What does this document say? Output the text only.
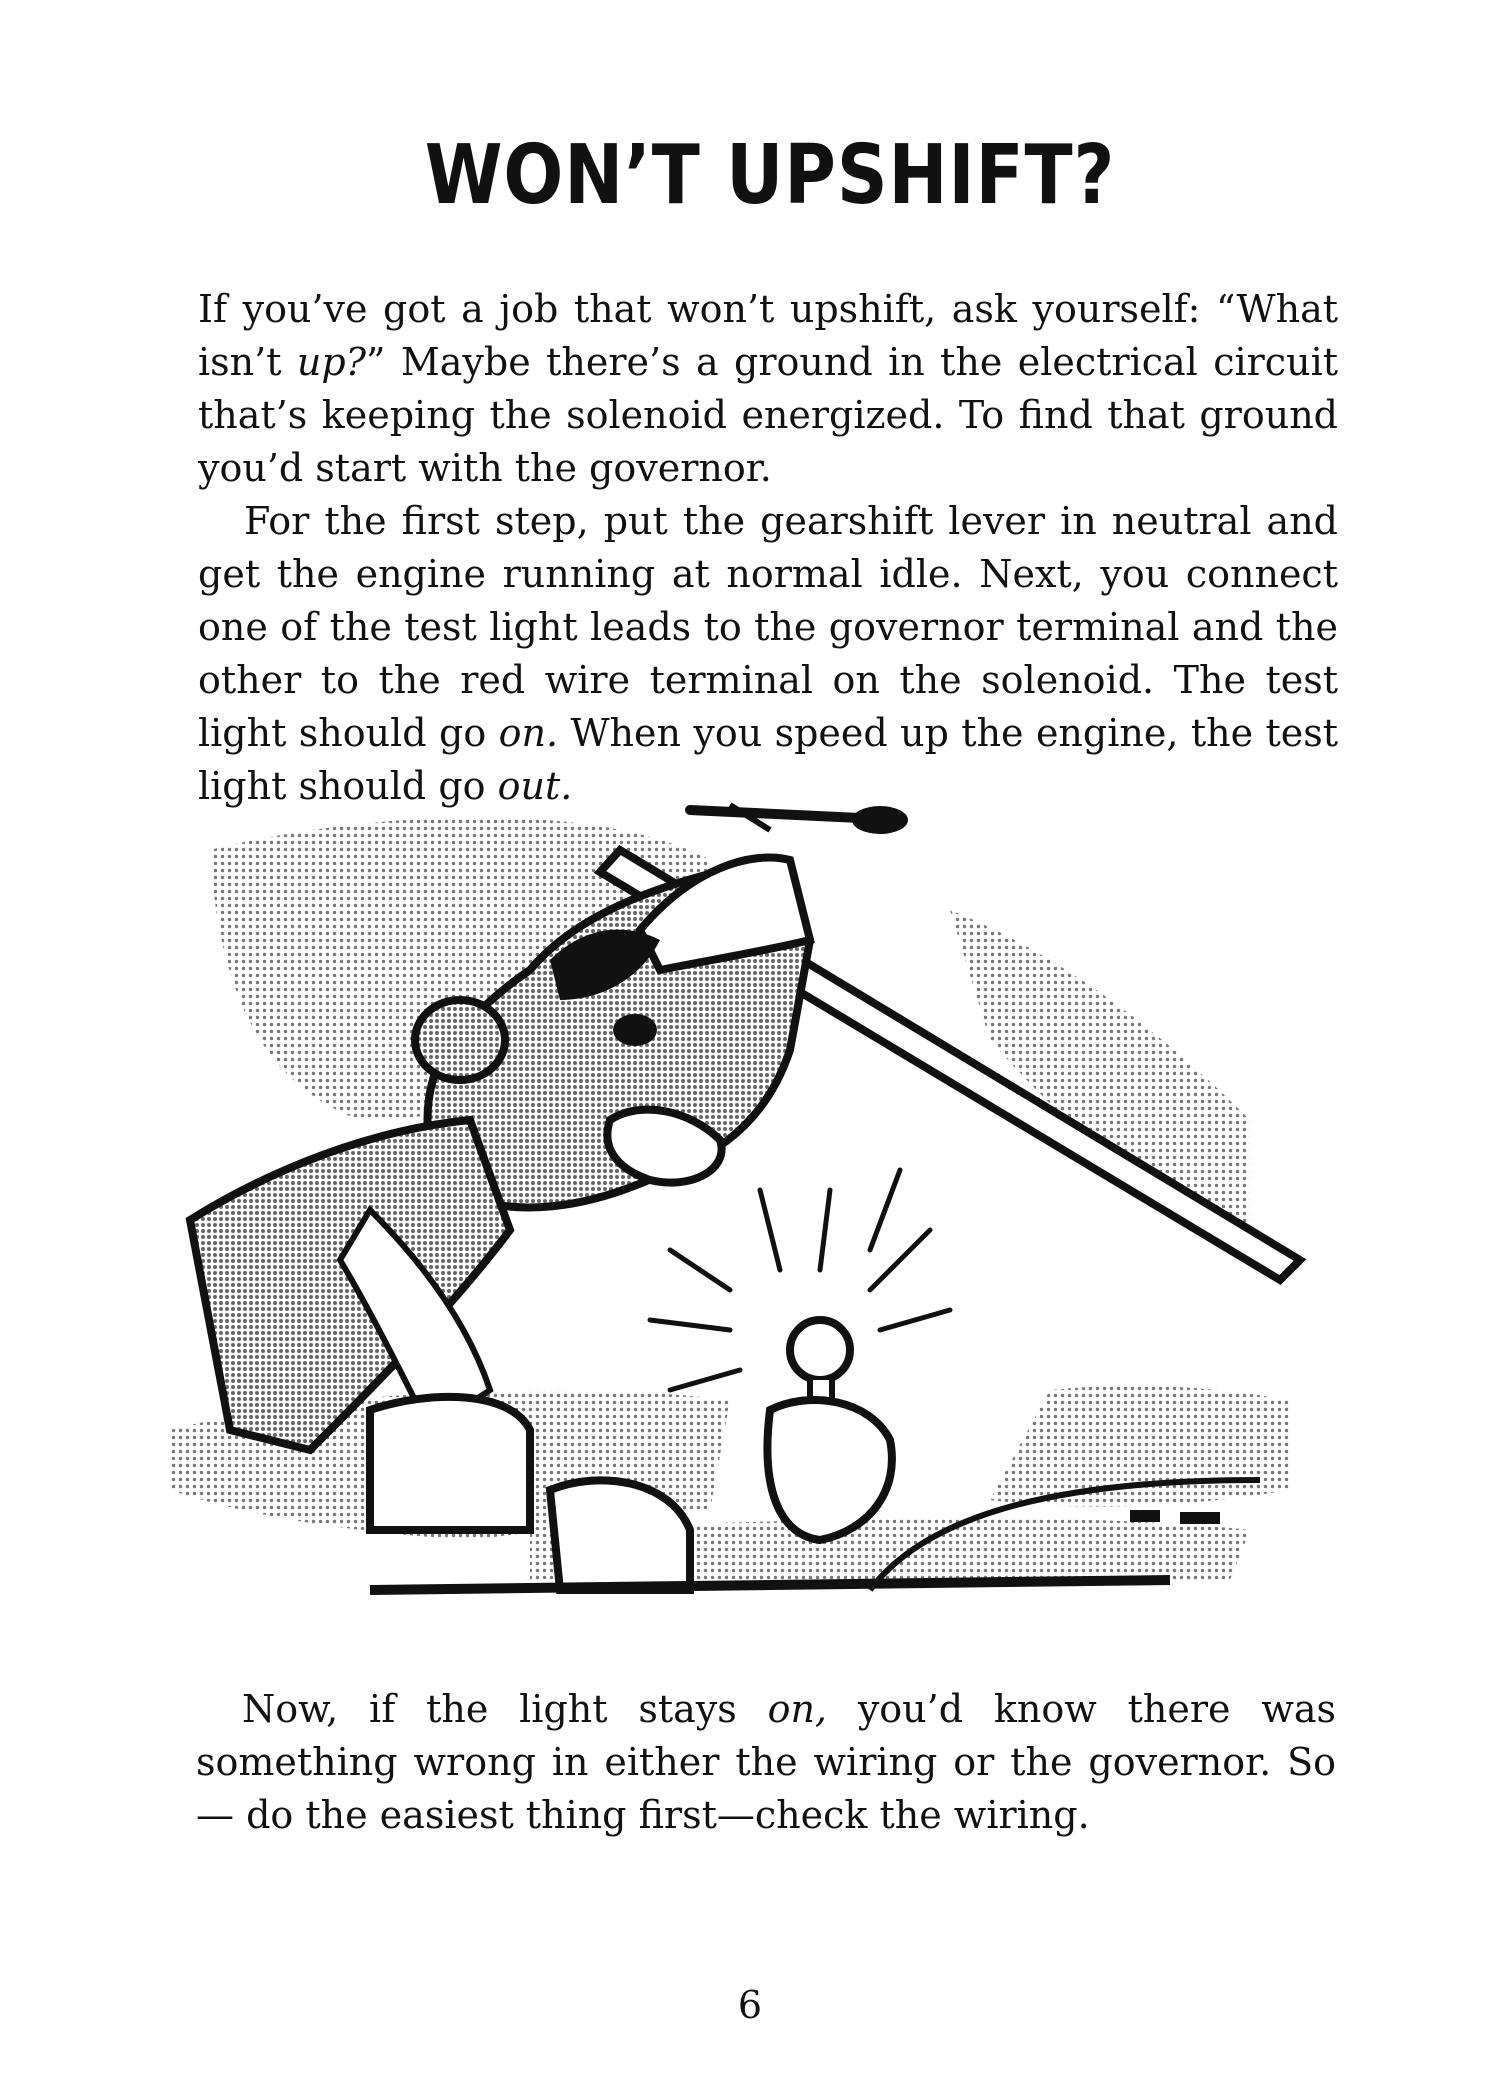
WON’T UPSHIFT?

If you’ve got a job that won’t upshift, ask yourself: “What isn’t up?” Maybe there’s a ground in the electrical circuit that’s keeping the solenoid energized. To find that ground you’d start with the governor.

For the first step, put the gearshift lever in neutral and get the engine running at normal idle. Next, you connect one of the test light leads to the governor terminal and the other to the red wire terminal on the solenoid. The test light should go on. When you speed up the engine, the test light should go out.

Now, if the light stays on, you’d know there was something wrong in either the wiring or the governor. So — do the easiest thing first—check the wiring.

6
